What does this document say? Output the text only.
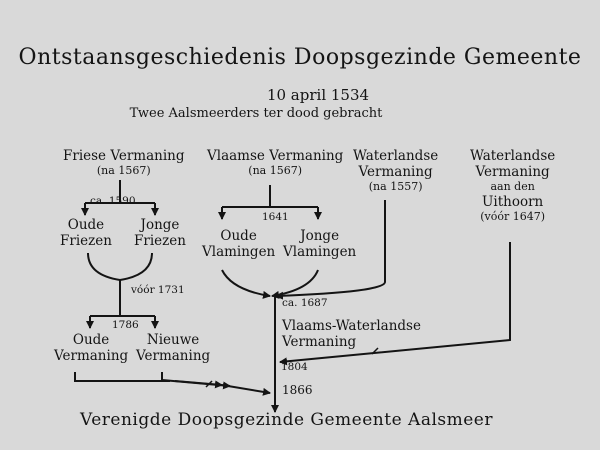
Ontstaansgeschiedenis Doopsgezinde Gemeente
10 april 1534
Twee Aalsmeerders ter dood gebracht
Friese Vermaning
(na 1567)
Vlaamse Vermaning
(na 1567)
Waterlandse
Vermaning
(na 1557)
Waterlandse
Vermaning
aan den
Uithoorn
(vóór 1647)
ca. 1590
Oude
Friezen
Jonge
Friezen
1641
Oude
Vlamingen
Jonge
Vlamingen
vóór 1731
1786
Oude
Vermaning
Nieuwe
Vermaning
ca. 1687
Vlaams-Waterlandse
Vermaning
1804
1866
Verenigde Doopsgezinde Gemeente Aalsmeer
